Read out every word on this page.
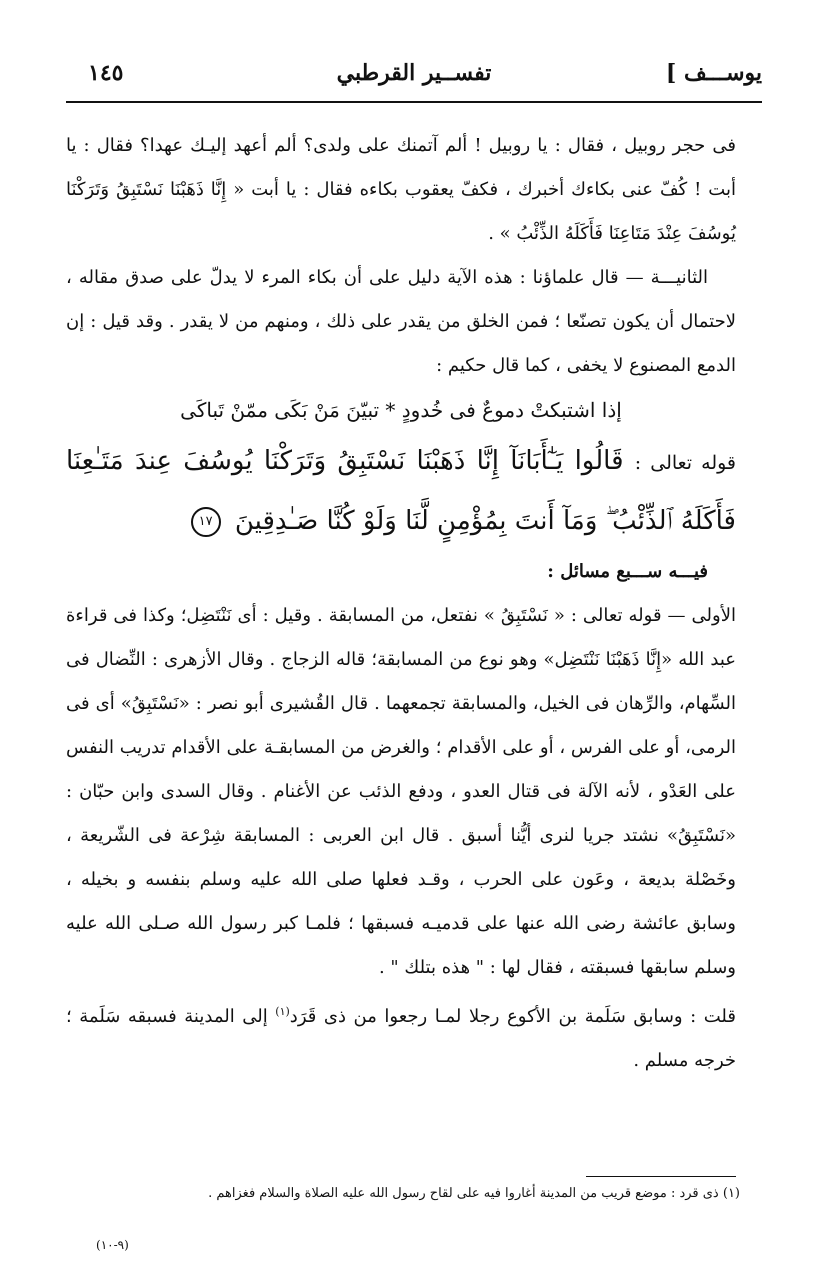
يوســـف ]
تفســير القرطبي
١٤٥

فى حجر روبيل ، فقال : يا روبيل ! ألم آتمنك على ولدى؟ ألم أعهد إليـك عهدا؟ فقال : يا أبت ! كُفّ عنى بكاءك أخبرك ، فكفّ يعقوب بكاءه فقال : يا أبت « إِنَّا ذَهَبْنَا نَسْتَبِقُ وَتَرَكْنَا يُوسُفَ عِنْدَ مَتَاعِنَا فَأَكَلَهُ الذِّئْبُ » .

الثانيـــة — قال علماؤنا : هذه الآية دليل على أن بكاء المرء لا يدلّ على صدق مقاله ، لاحتمال أن يكون تصنّعا ؛ فمن الخلق من يقدر على ذلك ، ومنهم من لا يقدر . وقد قيل : إن الدمع المصنوع لا يخفى ، كما قال حكيم :

إذا اشتبكتْ دموعٌ فى خُدودٍ * تبيّنَ مَنْ بَكَى ممّنْ تَباكَى

قوله تعالى : قَالُوا يَـٰٓأَبَانَآ إِنَّا ذَهَبْنَا نَسْتَبِقُ وَتَرَكْنَا يُوسُفَ عِندَ مَتَـٰعِنَا فَأَكَلَهُ ٱلذِّئْبُ ۖ وَمَآ أَنتَ بِمُؤْمِنٍ لَّنَا وَلَوْ كُنَّا صَـٰدِقِينَ ١٧

فيـــه ســـبع مسائل :

الأولى — قوله تعالى : « نَسْتَبِقُ » نفتعل، من المسابقة . وقيل : أى نَنْتَضِل؛ وكذا فى قراءة عبد الله «إِنَّا ذَهَبْنَا نَنْتَضِل» وهو نوع من المسابقة؛ قاله الزجاج . وقال الأزهرى : النِّضال فى السِّهام، والرِّهان فى الخيل، والمسابقة تجمعهما . قال القُشيرى أبو نصر : «نَسْتَبِقُ» أى فى الرمى، أو على الفرس ، أو على الأقدام ؛ والغرض من المسابقـة على الأقدام تدريب النفس على العَدْو ، لأنه الآلة فى قتال العدو ، ودفع الذئب عن الأغنام . وقال السدى وابن حبّان : «نَسْتَبِقُ» نشتد جريا لنرى أيُّنا أسبق . قال ابن العربى : المسابقة شِرْعة فى الشّريعة ، وخَصْلة بديعة ، وعَون على الحرب ، وقـد فعلها صلى الله عليه وسلم بنفسه و بخيله ، وسابق عائشة رضى الله عنها على قدميـه فسبقها ؛ فلمـا كبر رسول الله صـلى الله عليه وسلم سابقها فسبقته ، فقال لها : " هذه بتلك " .

قلت : وسابق سَلَمة بن الأكوع رجلا لمـا رجعوا من ذى قَرَد$^{(١)}$ إلى المدينة فسبقه سَلَمة ؛ خرجه مسلم .

(١) ذى قرد : موضع قريب من المدينة أغاروا فيه على لقاح رسول الله عليه الصلاة والسلام فغزاهم .
(٩-١٠)
